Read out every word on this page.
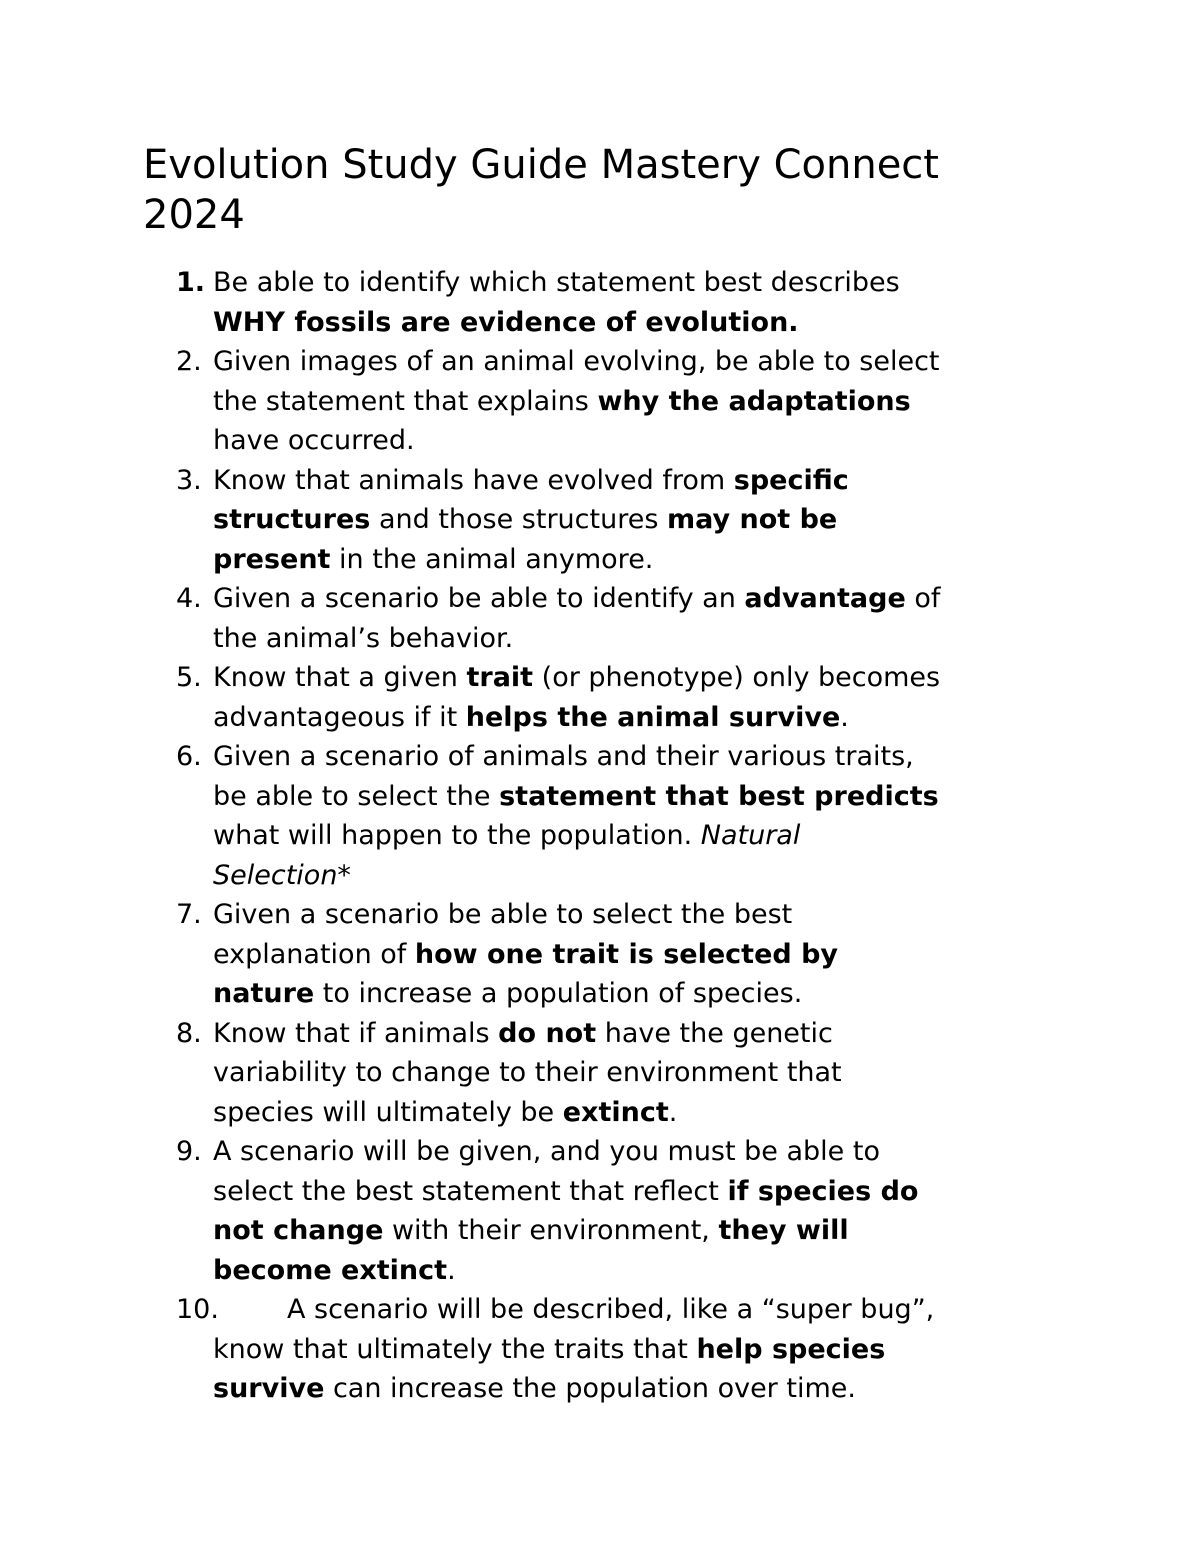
Evolution Study Guide Mastery Connect
2024
1. Be able to identify which statement best describes
WHY fossils are evidence of evolution.
2. Given images of an animal evolving, be able to select
the statement that explains why the adaptations
have occurred.
3. Know that animals have evolved from specific
structures and those structures may not be
present in the animal anymore.
4. Given a scenario be able to identify an advantage of
the animal’s behavior.
5. Know that a given trait (or phenotype) only becomes
advantageous if it helps the animal survive.
6. Given a scenario of animals and their various traits,
be able to select the statement that best predicts
what will happen to the population. Natural
Selection*
7. Given a scenario be able to select the best
explanation of how one trait is selected by
nature to increase a population of species.
8. Know that if animals do not have the genetic
variability to change to their environment that
species will ultimately be extinct.
9. A scenario will be given, and you must be able to
select the best statement that reflect if species do
not change with their environment, they will
become extinct.
10.	A scenario will be described, like a “super bug”,
know that ultimately the traits that help species
survive can increase the population over time.
